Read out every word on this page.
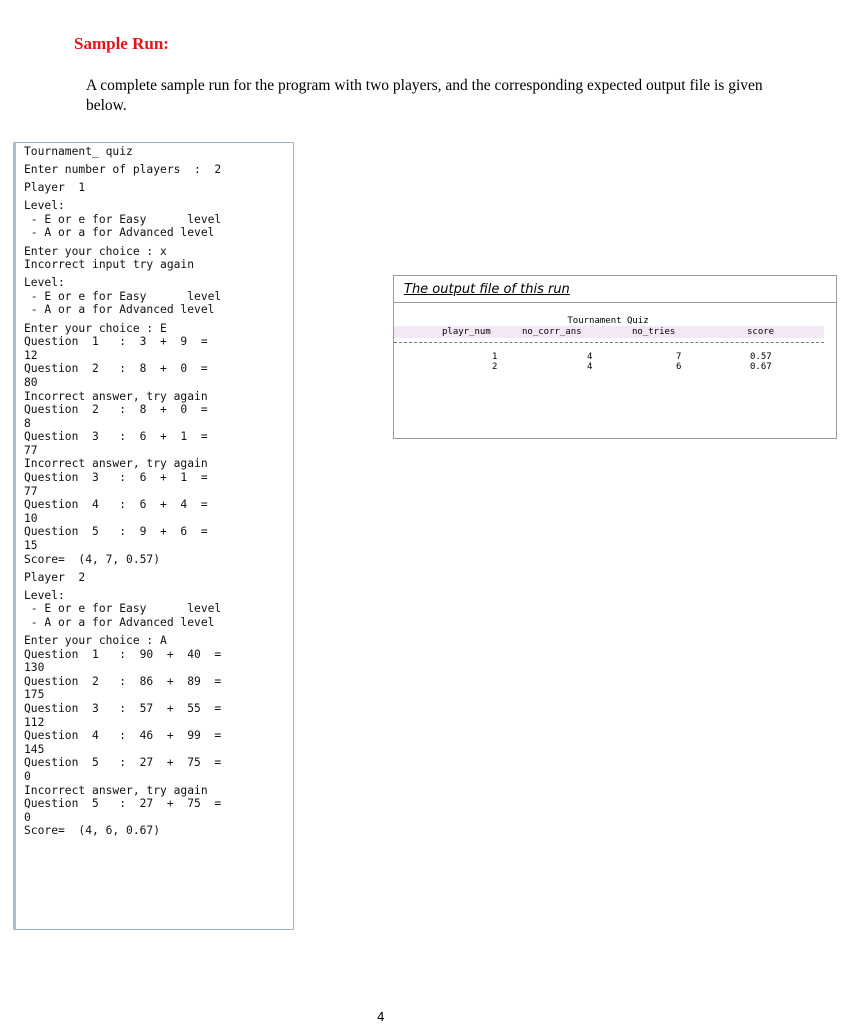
Sample Run:
A complete sample run for the program with two players, and the corresponding expected output file is given below.
Tournament_ quiz
Enter number of players  :  2
Player  1
Level:
- E or e for Easy      level
- A or a for Advanced level
Enter your choice : x
Incorrect input try again
Level:
- E or e for Easy      level
- A or a for Advanced level
Enter your choice : E
Question  1   :  3  +  9  =
12
Question  2   :  8  +  0  =
80
Incorrect answer, try again
Question  2   :  8  +  0  =
8
Question  3   :  6  +  1  =
77
Incorrect answer, try again
Question  3   :  6  +  1  =
77
Question  4   :  6  +  4  =
10
Question  5   :  9  +  6  =
15
Score=  (4, 7, 0.57)
Player  2
Level:
- E or e for Easy      level
- A or a for Advanced level
Enter your choice : A
Question  1   :  90  +  40  =
130
Question  2   :  86  +  89  =
175
Question  3   :  57  +  55  =
112
Question  4   :  46  +  99  =
145
Question  5   :  27  +  75  =
0
Incorrect answer, try again
Question  5   :  27  +  75  =
0
Score=  (4, 6, 0.67)
The output file of this run
Tournament Quiz
playr_num	no_corr_ans	no_tries	score
1	4	7	0.57
2	4	6	0.67
4
